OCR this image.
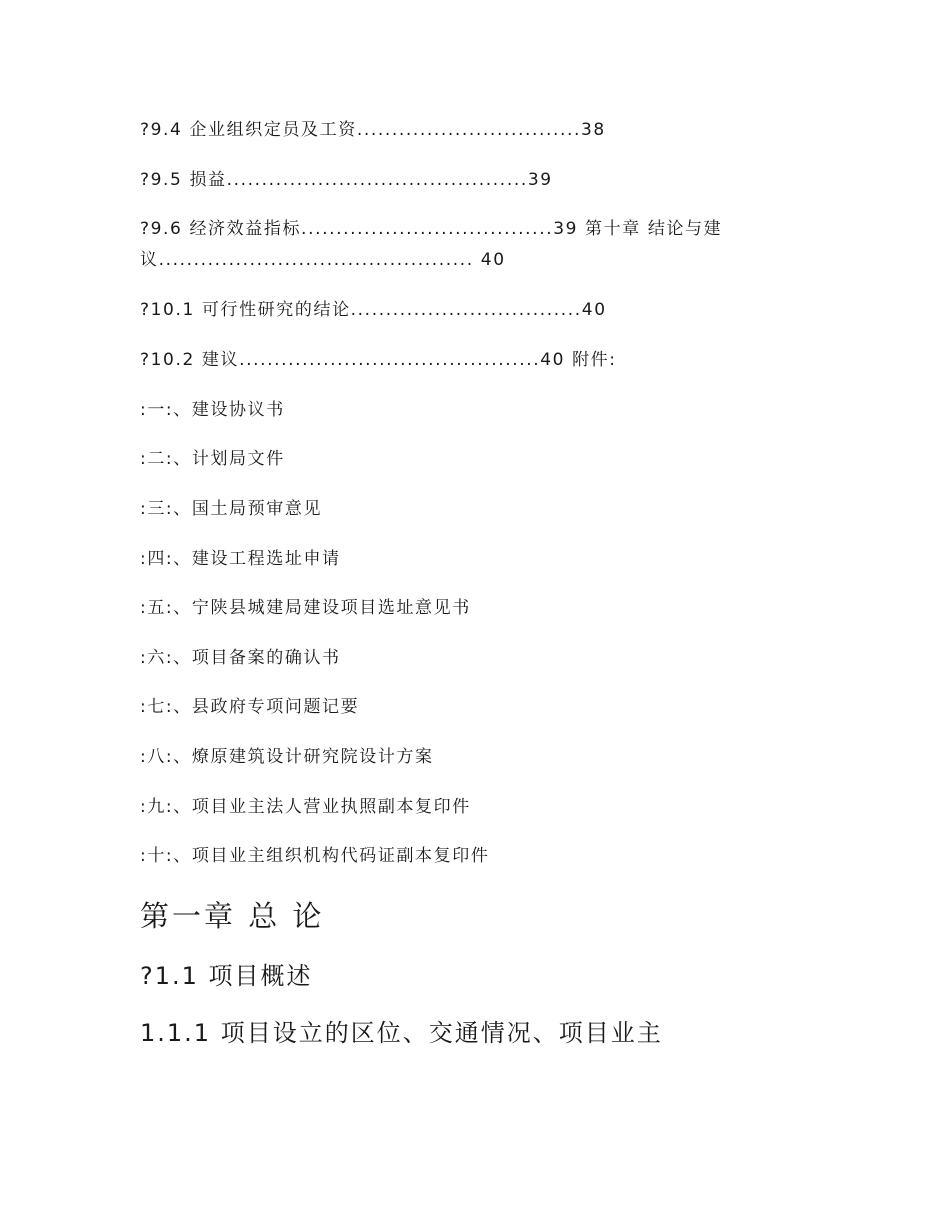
?9.4 企业组织定员及工资................................38
?9.5 损益...........................................39
?9.6 经济效益指标....................................39 第十章 结论与建议............................................. 40
?10.1 可行性研究的结论.................................40
?10.2 建议...........................................40 附件:
:一:、建设协议书
:二:、计划局文件
:三:、国土局预审意见
:四:、建设工程选址申请
:五:、宁陕县城建局建设项目选址意见书
:六:、项目备案的确认书
:七:、县政府专项问题记要
:八:、燎原建筑设计研究院设计方案
:九:、项目业主法人营业执照副本复印件
:十:、项目业主组织机构代码证副本复印件
第一章 总 论
?1.1 项目概述
1.1.1 项目设立的区位、交通情况、项目业主
